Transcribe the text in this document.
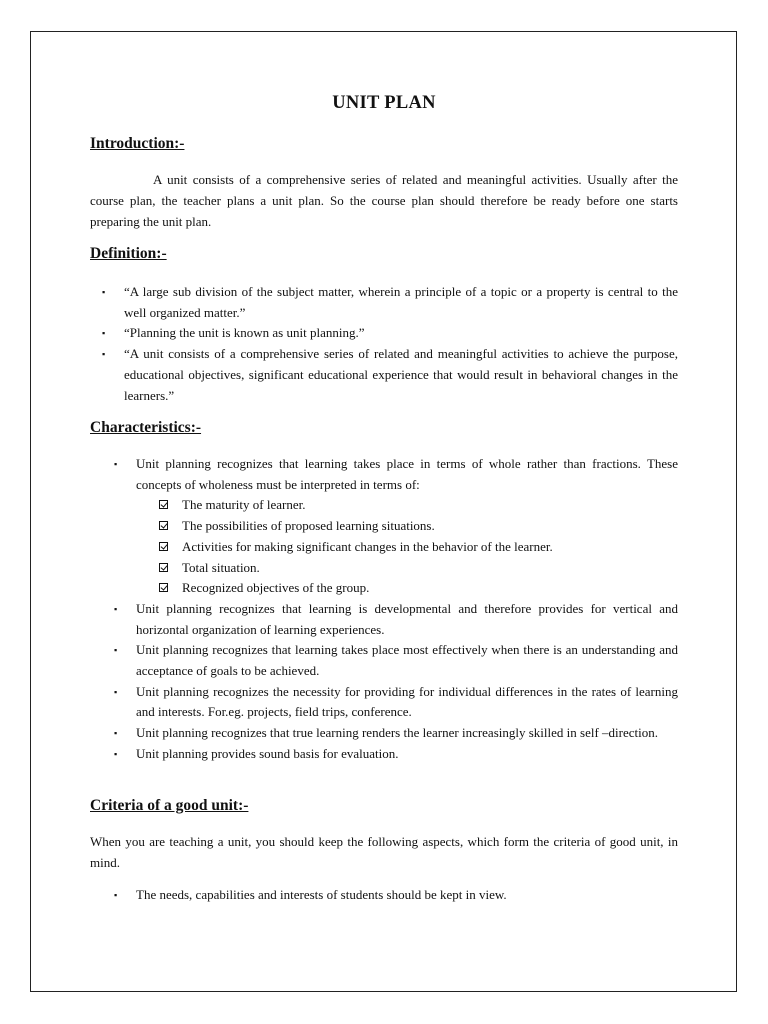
UNIT PLAN
Introduction:-
A unit consists of a comprehensive series of related and meaningful activities. Usually after the course plan, the teacher plans a unit plan. So the course plan should therefore be ready before one starts preparing the unit plan.
Definition:-
▪ “A large sub division of the subject matter, wherein a principle of a topic or a property is central to the well organized matter.”
▪ “Planning the unit is known as unit planning.”
▪ “A unit consists of a comprehensive series of related and meaningful activities to achieve the purpose, educational objectives, significant educational experience that would result in behavioral changes in the learners.”
Characteristics:-
▪ Unit planning recognizes that learning takes place in terms of whole rather than fractions. These concepts of wholeness must be interpreted in terms of:
The maturity of learner.
The possibilities of proposed learning situations.
Activities for making significant changes in the behavior of the learner.
Total situation.
Recognized objectives of the group.
▪ Unit planning recognizes that learning is developmental and therefore provides for vertical and horizontal organization of learning experiences.
▪ Unit planning recognizes that learning takes place most effectively when there is an understanding and acceptance of goals to be achieved.
▪ Unit planning recognizes the necessity for providing for individual differences in the rates of learning and interests. For.eg. projects, field trips, conference.
▪ Unit planning recognizes that true learning renders the learner increasingly skilled in self –direction.
▪ Unit planning provides sound basis for evaluation.
Criteria of a good unit:-
When you are teaching a unit, you should keep the following aspects, which form the criteria of good unit, in mind.
▪ The needs, capabilities and interests of students should be kept in view.
